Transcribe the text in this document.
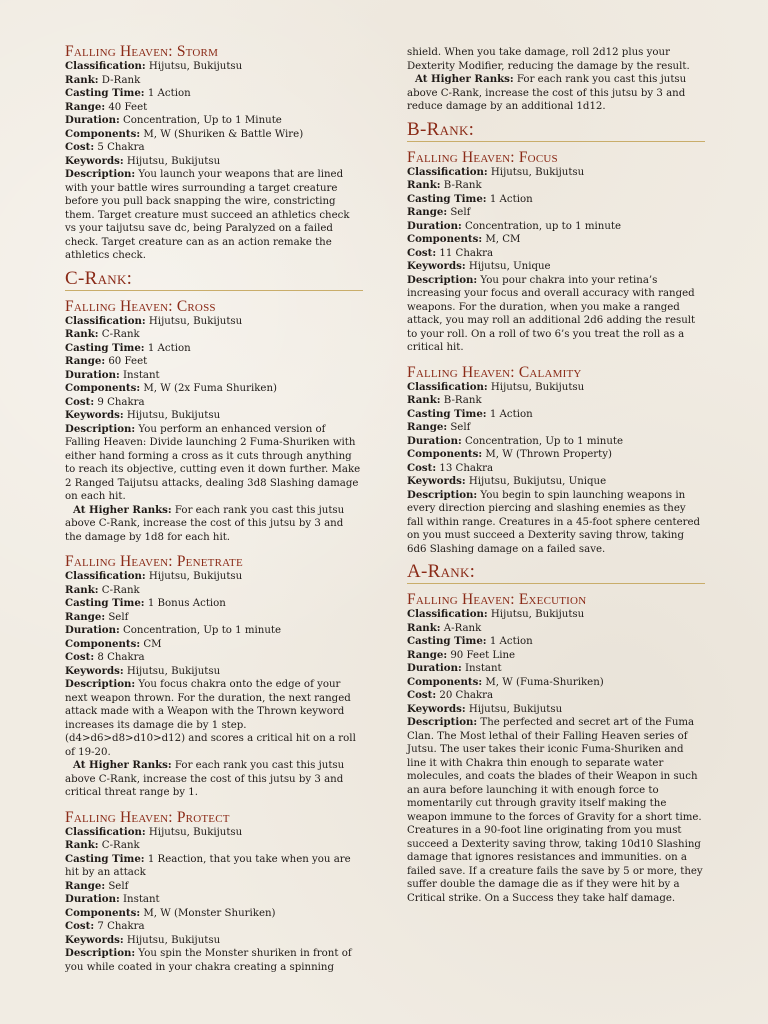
Falling Heaven: Storm
Classification: Hijutsu, Bukijutsu
Rank: D-Rank
Casting Time: 1 Action
Range: 40 Feet
Duration: Concentration, Up to 1 Minute
Components: M, W (Shuriken & Battle Wire)
Cost: 5 Chakra
Keywords: Hijutsu, Bukijutsu
Description: You launch your weapons that are lined with your battle wires surrounding a target creature before you pull back snapping the wire, constricting them. Target creature must succeed an athletics check vs your taijutsu save dc, being Paralyzed on a failed check. Target creature can as an action remake the athletics check.
C-Rank:
Falling Heaven: Cross
Classification: Hijutsu, Bukijutsu
Rank: C-Rank
Casting Time: 1 Action
Range: 60 Feet
Duration: Instant
Components: M, W (2x Fuma Shuriken)
Cost: 9 Chakra
Keywords: Hijutsu, Bukijutsu
Description: You perform an enhanced version of Falling Heaven: Divide launching 2 Fuma-Shuriken with either hand forming a cross as it cuts through anything to reach its objective, cutting even it down further. Make 2 Ranged Taijutsu attacks, dealing 3d8 Slashing damage on each hit.
At Higher Ranks: For each rank you cast this jutsu above C-Rank, increase the cost of this jutsu by 3 and the damage by 1d8 for each hit.
Falling Heaven: Penetrate
Classification: Hijutsu, Bukijutsu
Rank: C-Rank
Casting Time: 1 Bonus Action
Range: Self
Duration: Concentration, Up to 1 minute
Components: CM
Cost: 8 Chakra
Keywords: Hijutsu, Bukijutsu
Description: You focus chakra onto the edge of your next weapon thrown. For the duration, the next ranged attack made with a Weapon with the Thrown keyword increases its damage die by 1 step. (d4>d6>d8>d10>d12) and scores a critical hit on a roll of 19-20.
At Higher Ranks: For each rank you cast this jutsu above C-Rank, increase the cost of this jutsu by 3 and critical threat range by 1.
Falling Heaven: Protect
Classification: Hijutsu, Bukijutsu
Rank: C-Rank
Casting Time: 1 Reaction, that you take when you are hit by an attack
Range: Self
Duration: Instant
Components: M, W (Monster Shuriken)
Cost: 7 Chakra
Keywords: Hijutsu, Bukijutsu
Description: You spin the Monster shuriken in front of you while coated in your chakra creating a spinning
shield. When you take damage, roll 2d12 plus your Dexterity Modifier, reducing the damage by the result.
At Higher Ranks: For each rank you cast this jutsu above C-Rank, increase the cost of this jutsu by 3 and reduce damage by an additional 1d12.
B-Rank:
Falling Heaven: Focus
Classification: Hijutsu, Bukijutsu
Rank: B-Rank
Casting Time: 1 Action
Range: Self
Duration: Concentration, up to 1 minute
Components: M, CM
Cost: 11 Chakra
Keywords: Hijutsu, Unique
Description: You pour chakra into your retina’s increasing your focus and overall accuracy with ranged weapons. For the duration, when you make a ranged attack, you may roll an additional 2d6 adding the result to your roll. On a roll of two 6’s you treat the roll as a critical hit.
Falling Heaven: Calamity
Classification: Hijutsu, Bukijutsu
Rank: B-Rank
Casting Time: 1 Action
Range: Self
Duration: Concentration, Up to 1 minute
Components: M, W (Thrown Property)
Cost: 13 Chakra
Keywords: Hijutsu, Bukijutsu, Unique
Description: You begin to spin launching weapons in every direction piercing and slashing enemies as they fall within range. Creatures in a 45-foot sphere centered on you must succeed a Dexterity saving throw, taking 6d6 Slashing damage on a failed save.
A-Rank:
Falling Heaven: Execution
Classification: Hijutsu, Bukijutsu
Rank: A-Rank
Casting Time: 1 Action
Range: 90 Feet Line
Duration: Instant
Components: M, W (Fuma-Shuriken)
Cost: 20 Chakra
Keywords: Hijutsu, Bukijutsu
Description: The perfected and secret art of the Fuma Clan. The Most lethal of their Falling Heaven series of Jutsu. The user takes their iconic Fuma-Shuriken and line it with Chakra thin enough to separate water molecules, and coats the blades of their Weapon in such an aura before launching it with enough force to momentarily cut through gravity itself making the weapon immune to the forces of Gravity for a short time. Creatures in a 90-foot line originating from you must succeed a Dexterity saving throw, taking 10d10 Slashing damage that ignores resistances and immunities. on a failed save. If a creature fails the save by 5 or more, they suffer double the damage die as if they were hit by a Critical strike. On a Success they take half damage.
